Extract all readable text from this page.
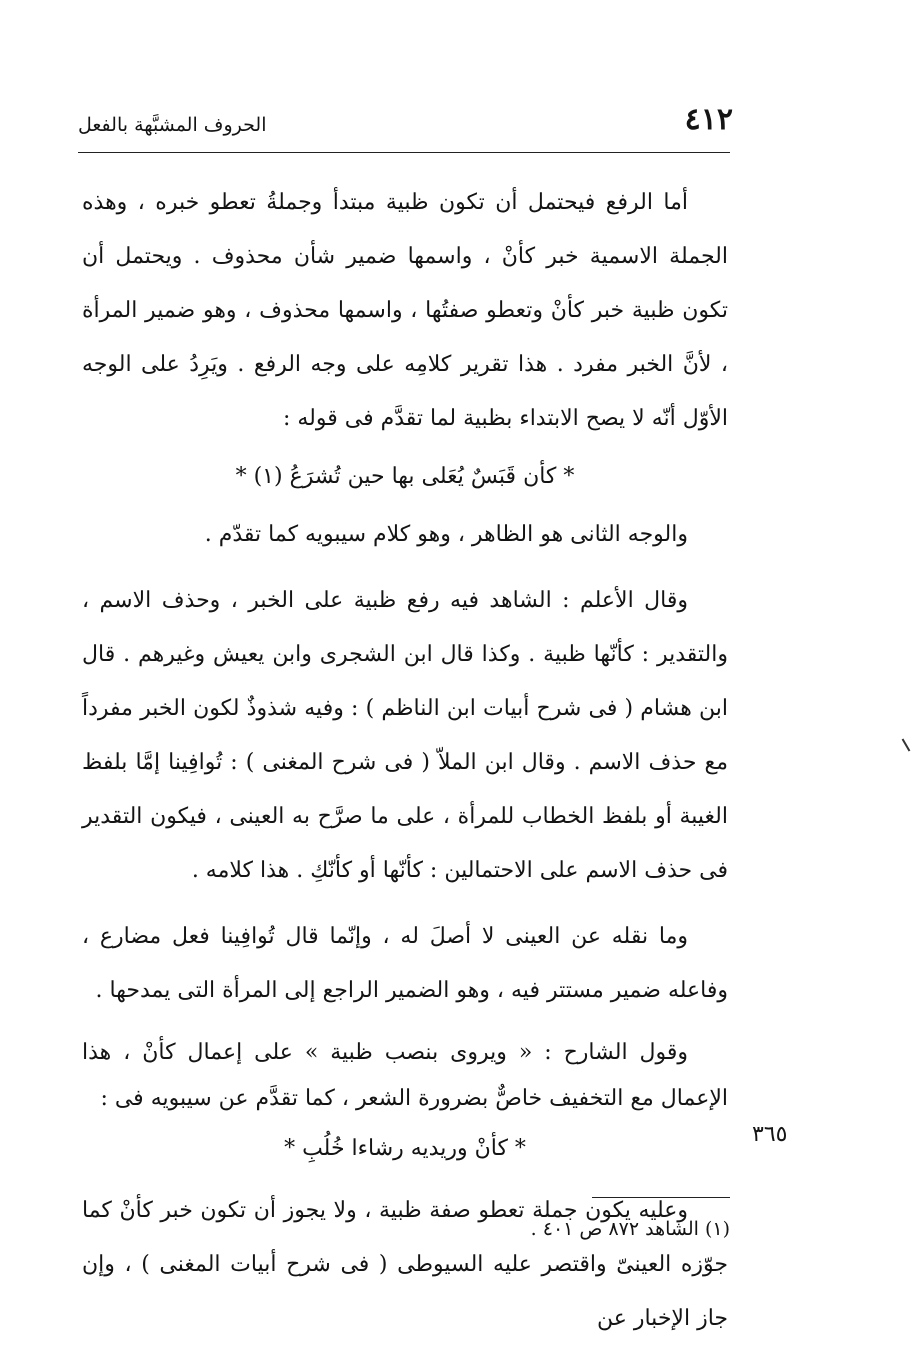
٤١٢
الحروف المشبَّهة بالفعل

أما الرفع فيحتمل أن تكون ظبية مبتدأ وجملةُ تعطو خبره ، وهذه الجملة الاسمية خبر كأنْ ، واسمها ضمير شأن محذوف . ويحتمل أن تكون ظبية خبر كأنْ وتعطو صفتُها ، واسمها محذوف ، وهو ضمير المرأة ، لأنَّ الخبر مفرد . هذا تقرير كلامِه على وجه الرفع . ويَرِدُ على الوجه الأوّل أنّه لا يصح الابتداء بظبية لما تقدَّم فى قوله :

* كأن قَبَسٌ يُعَلى بها حين تُشرَعُ (١) *

والوجه الثانى هو الظاهر ، وهو كلام سيبويه كما تقدّم .

وقال الأعلم : الشاهد فيه رفع ظبية على الخبر ، وحذف الاسم ، والتقدير : كأنّها ظبية . وكذا قال ابن الشجرى وابن يعيش وغيرهم . قال ابن هشام ( فى شرح أبيات ابن الناظم ) : وفيه شذوذٌ لكون الخبر مفرداً مع حذف الاسم . وقال ابن الملاّ ( فى شرح المغنى ) : تُوافِينا إمَّا بلفظ الغيبة أو بلفظ الخطاب للمرأة ، على ما صرَّح به العينى ، فيكون التقدير فى حذف الاسم على الاحتمالين : كأنّها أو كأنّكِ . هذا كلامه .

وما نقله عن العينى لا أصلَ له ، وإنّما قال تُوافِينا فعل مضارع ، وفاعله ضمير مستتر فيه ، وهو الضمير الراجع إلى المرأة التى يمدحها .

وقول الشارح : « ويروى بنصب ظبية » على إعمال كأنْ ، هذا الإعمال مع التخفيف خاصٌّ بضرورة الشعر ، كما تقدَّم عن سيبويه فى :

* كأنْ وريديه رشاءا خُلُبِ *

وعليه يكون جملة تعطو صفة ظبية ، ولا يجوز أن تكون خبر كأنْ كما جوّزه العينىّ واقتصر عليه السيوطى ( فى شرح أبيات المغنى ) ، وإن جاز الإخبار عن

٣٦٥
(١) الشاهد ٨٧٢ ص ٤٠١ .
